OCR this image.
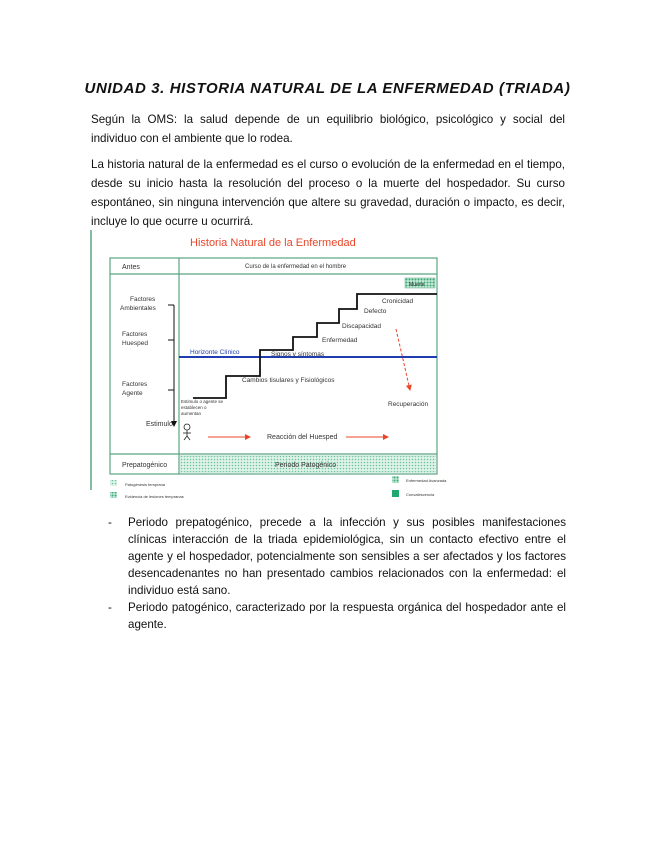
UNIDAD 3. HISTORIA NATURAL DE LA ENFERMEDAD (TRIADA)

Según la OMS: la salud depende de un equilibrio biológico, psicológico y social del individuo con el ambiente que lo rodea.

La historia natural de la enfermedad es el curso o evolución de la enfermedad en el tiempo, desde su inicio hasta la resolución del proceso o la muerte del hospedador. Su curso espontáneo, sin ninguna intervención que altere su gravedad, duración o impacto, es decir, incluye lo que ocurre u ocurrirá.

Historia Natural de la Enfermedad
Antes	Curso de la enfermedad en el hombre
Prepatogénico	Periodo Patogénico
Factores
Ambientales
Factores
Huesped
Factores
Agente
Estimulo
Estimulo o agente se
establecen o
aumentan
Horizonte Clínico
Cambios tisulares y Fisiológicos
Signos y síntomas
Enfermedad
Discapacidad
Defecto
Cronicidad
Muerte
Recuperación
Reacción del Huesped
Patogénesis temprana
Evidencia de lesiones tempranas
Enfermedad Avanzada
Convalescencia
- Periodo prepatogénico, precede a la infección y sus posibles manifestaciones clínicas interacción de la triada epidemiológica, sin un contacto efectivo entre el agente y el hospedador, potencialmente son sensibles a ser afectados y los factores desencadenantes no han presentado cambios relacionados con la enfermedad: el individuo está sano.
- Periodo patogénico, caracterizado por la respuesta orgánica del hospedador ante el agente.
